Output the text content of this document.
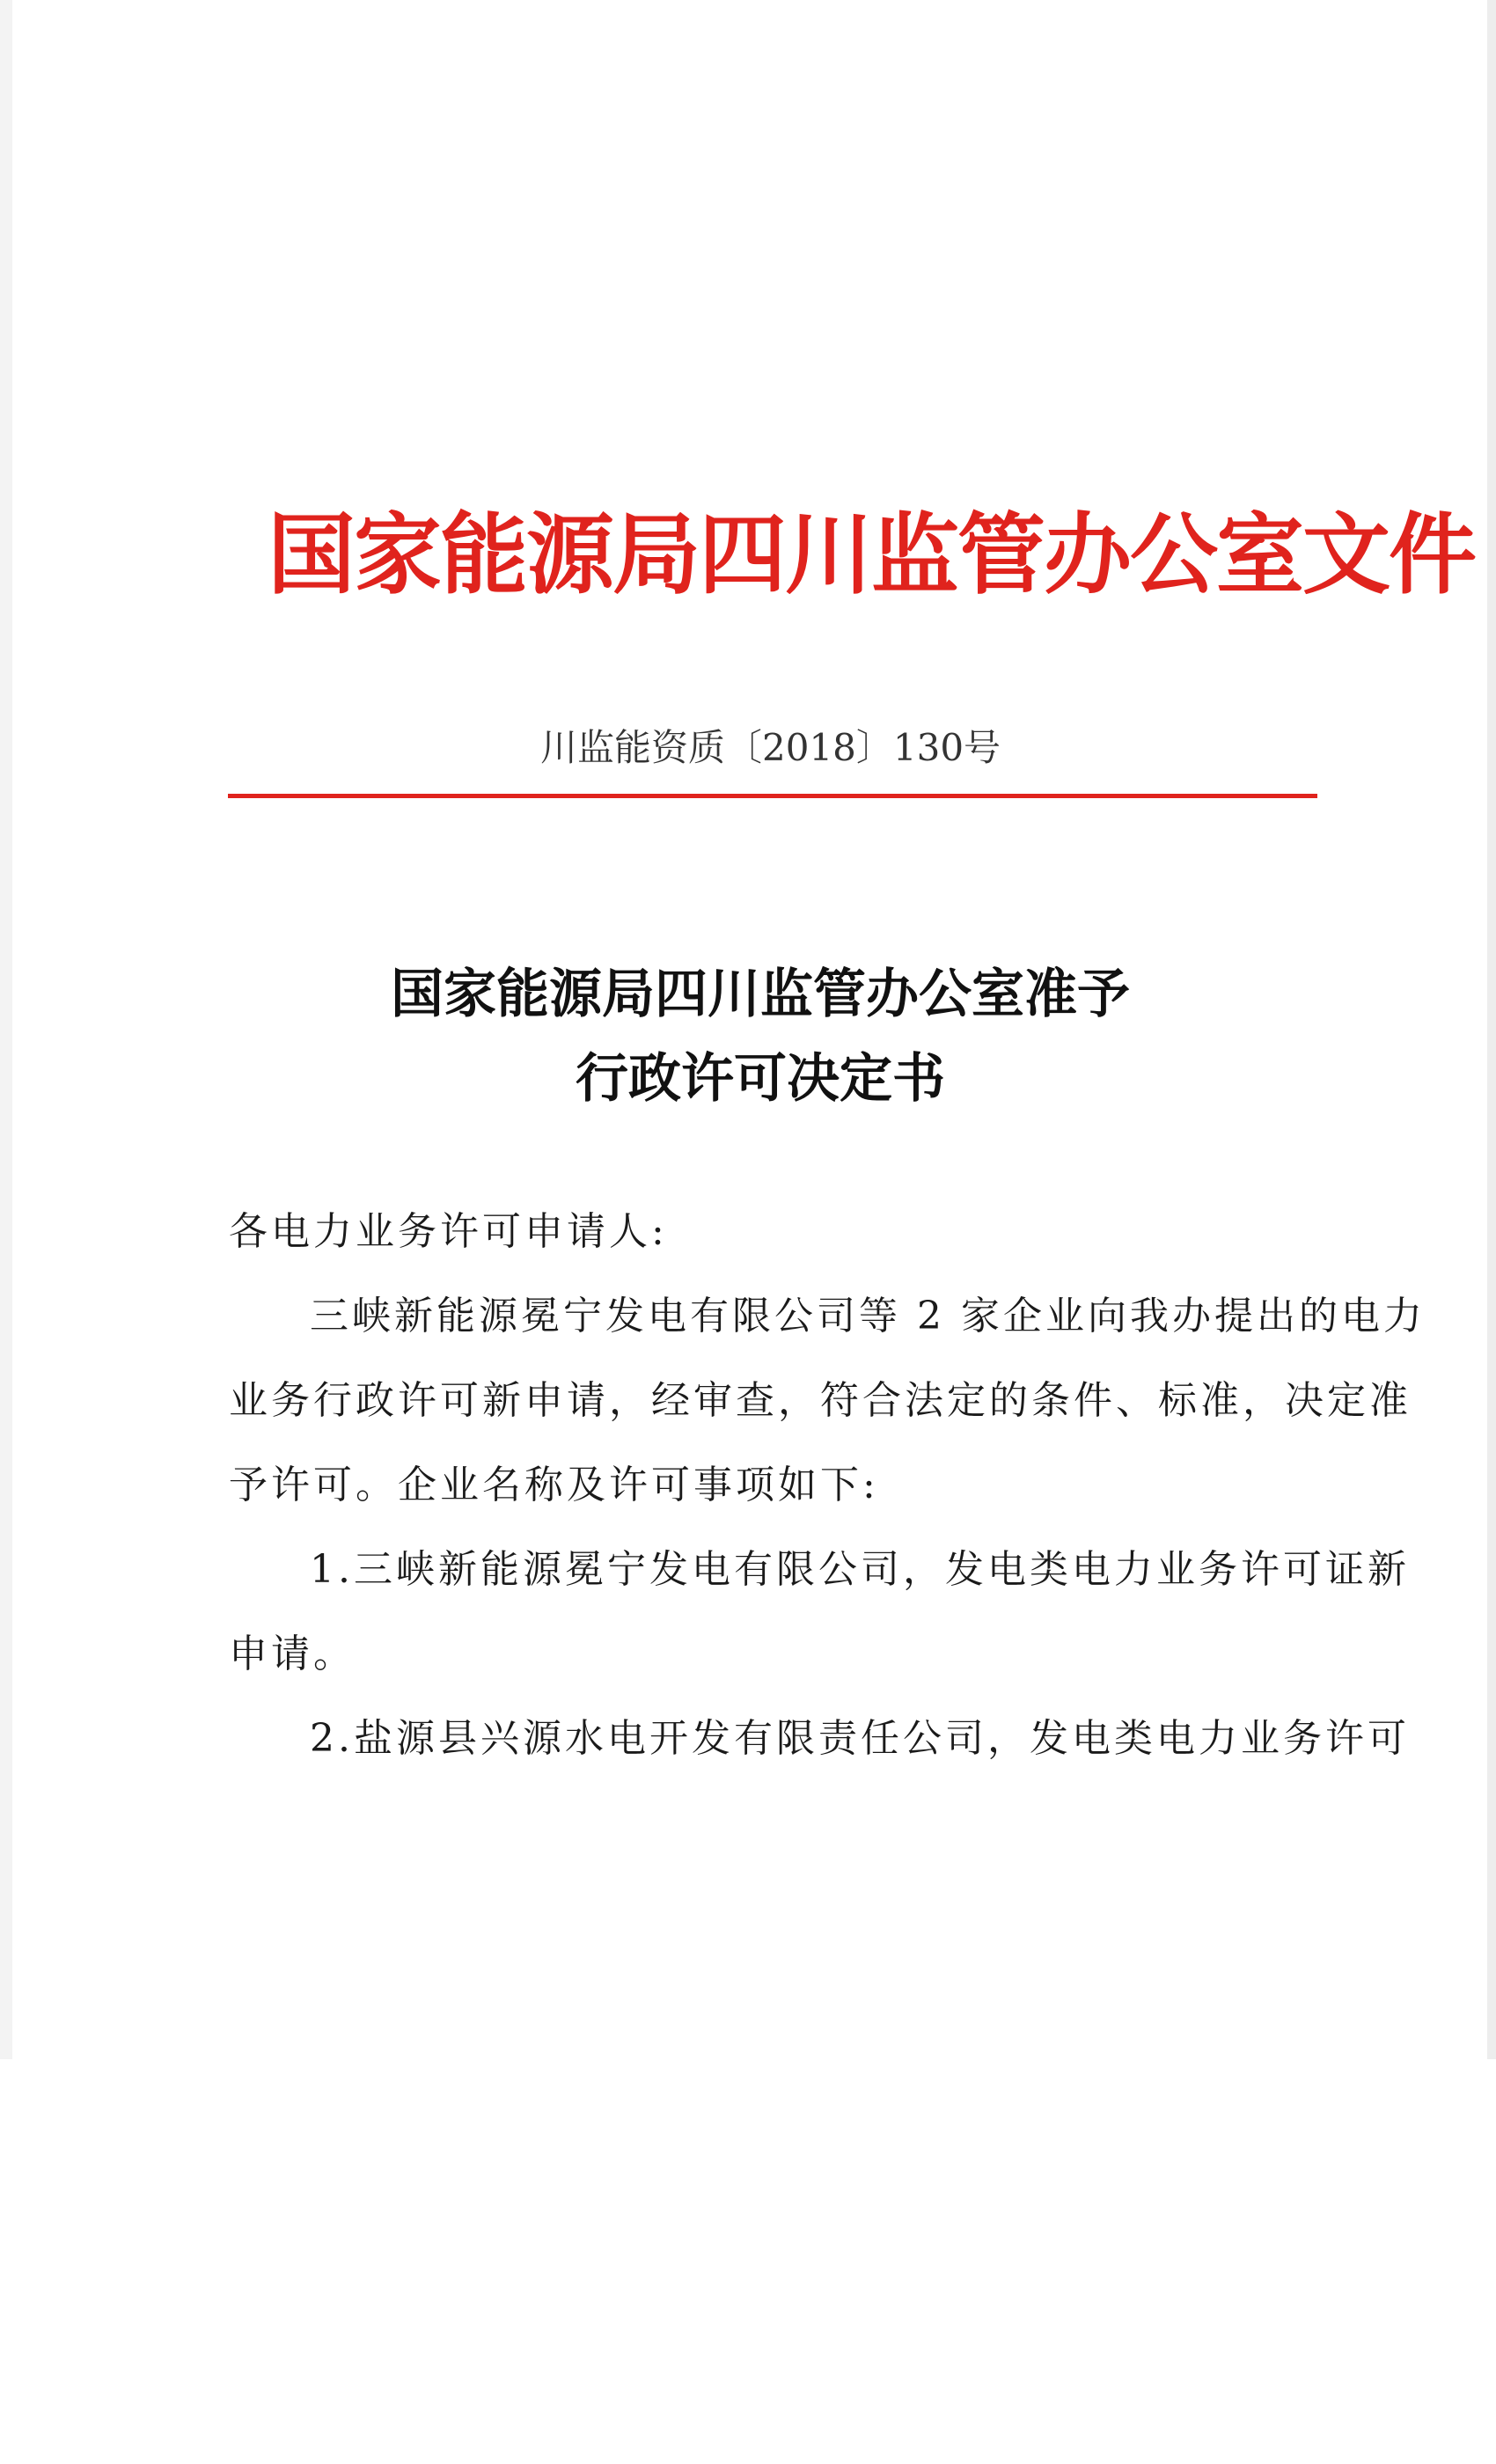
国家能源局四川监管办公室文件
川监能资质〔2018〕130号
国家能源局四川监管办公室准予
行政许可决定书
各电力业务许可申请人:
三峡新能源冕宁发电有限公司等 2 家企业向我办提出的电力
业务行政许可新申请，经审查，符合法定的条件、标准，决定准
予许可。企业名称及许可事项如下:
1.三峡新能源冕宁发电有限公司，发电类电力业务许可证新
申请。
2.盐源县兴源水电开发有限责任公司，发电类电力业务许可
